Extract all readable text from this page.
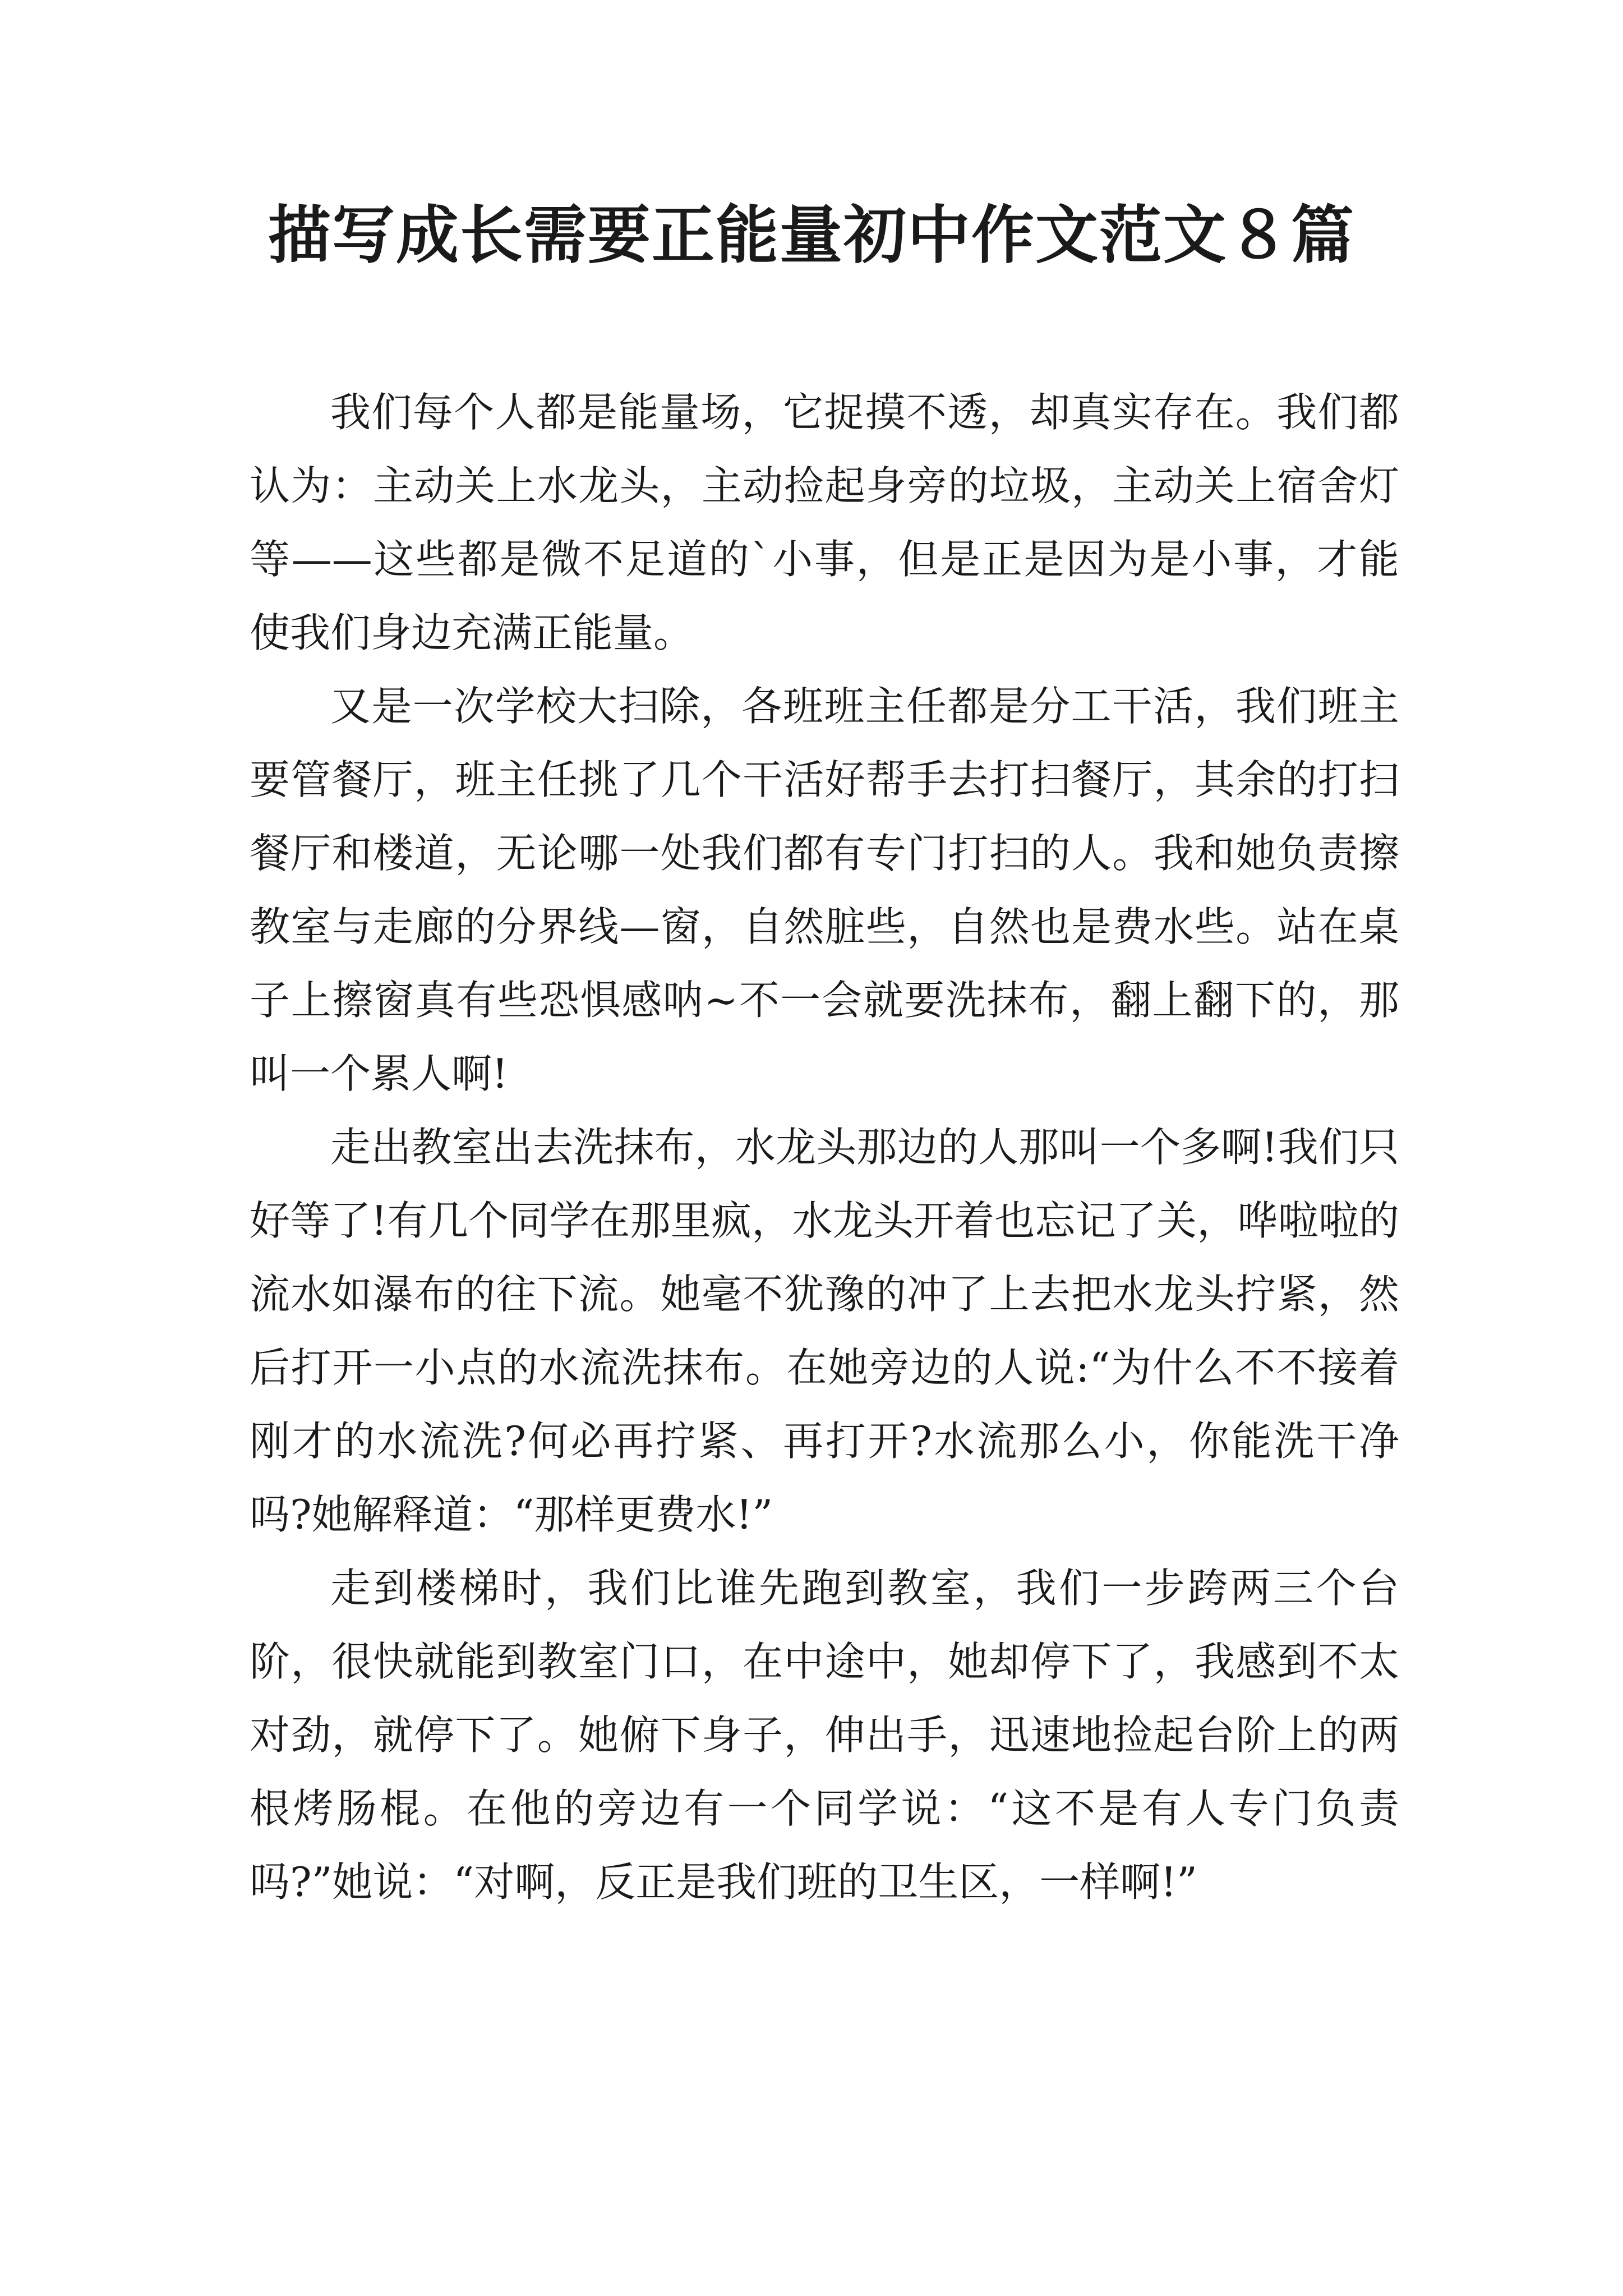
描写成长需要正能量初中作文范文８篇

我们每个人都是能量场，它捉摸不透，却真实存在。我们都认为：主动关上水龙头，主动捡起身旁的垃圾，主动关上宿舍灯等——这些都是微不足道的`小事，但是正是因为是小事，才能使我们身边充满正能量。

又是一次学校大扫除，各班班主任都是分工干活，我们班主要管餐厅，班主任挑了几个干活好帮手去打扫餐厅，其余的打扫餐厅和楼道，无论哪一处我们都有专门打扫的人。我和她负责擦教室与走廊的分界线—窗，自然脏些，自然也是费水些。站在桌子上擦窗真有些恐惧感呐~不一会就要洗抹布，翻上翻下的，那叫一个累人啊!

走出教室出去洗抹布，水龙头那边的人那叫一个多啊!我们只好等了!有几个同学在那里疯，水龙头开着也忘记了关，哗啦啦的流水如瀑布的往下流。她毫不犹豫的冲了上去把水龙头拧紧，然后打开一小点的水流洗抹布。在她旁边的人说:“为什么不不接着刚才的水流洗?何必再拧紧、再打开?水流那么小，你能洗干净吗?她解释道：“那样更费水!”

走到楼梯时，我们比谁先跑到教室，我们一步跨两三个台阶，很快就能到教室门口，在中途中，她却停下了，我感到不太对劲，就停下了。她俯下身子，伸出手，迅速地捡起台阶上的两根烤肠棍。在他的旁边有一个同学说：“这不是有人专门负责吗?”她说：“对啊，反正是我们班的卫生区，一样啊!”
